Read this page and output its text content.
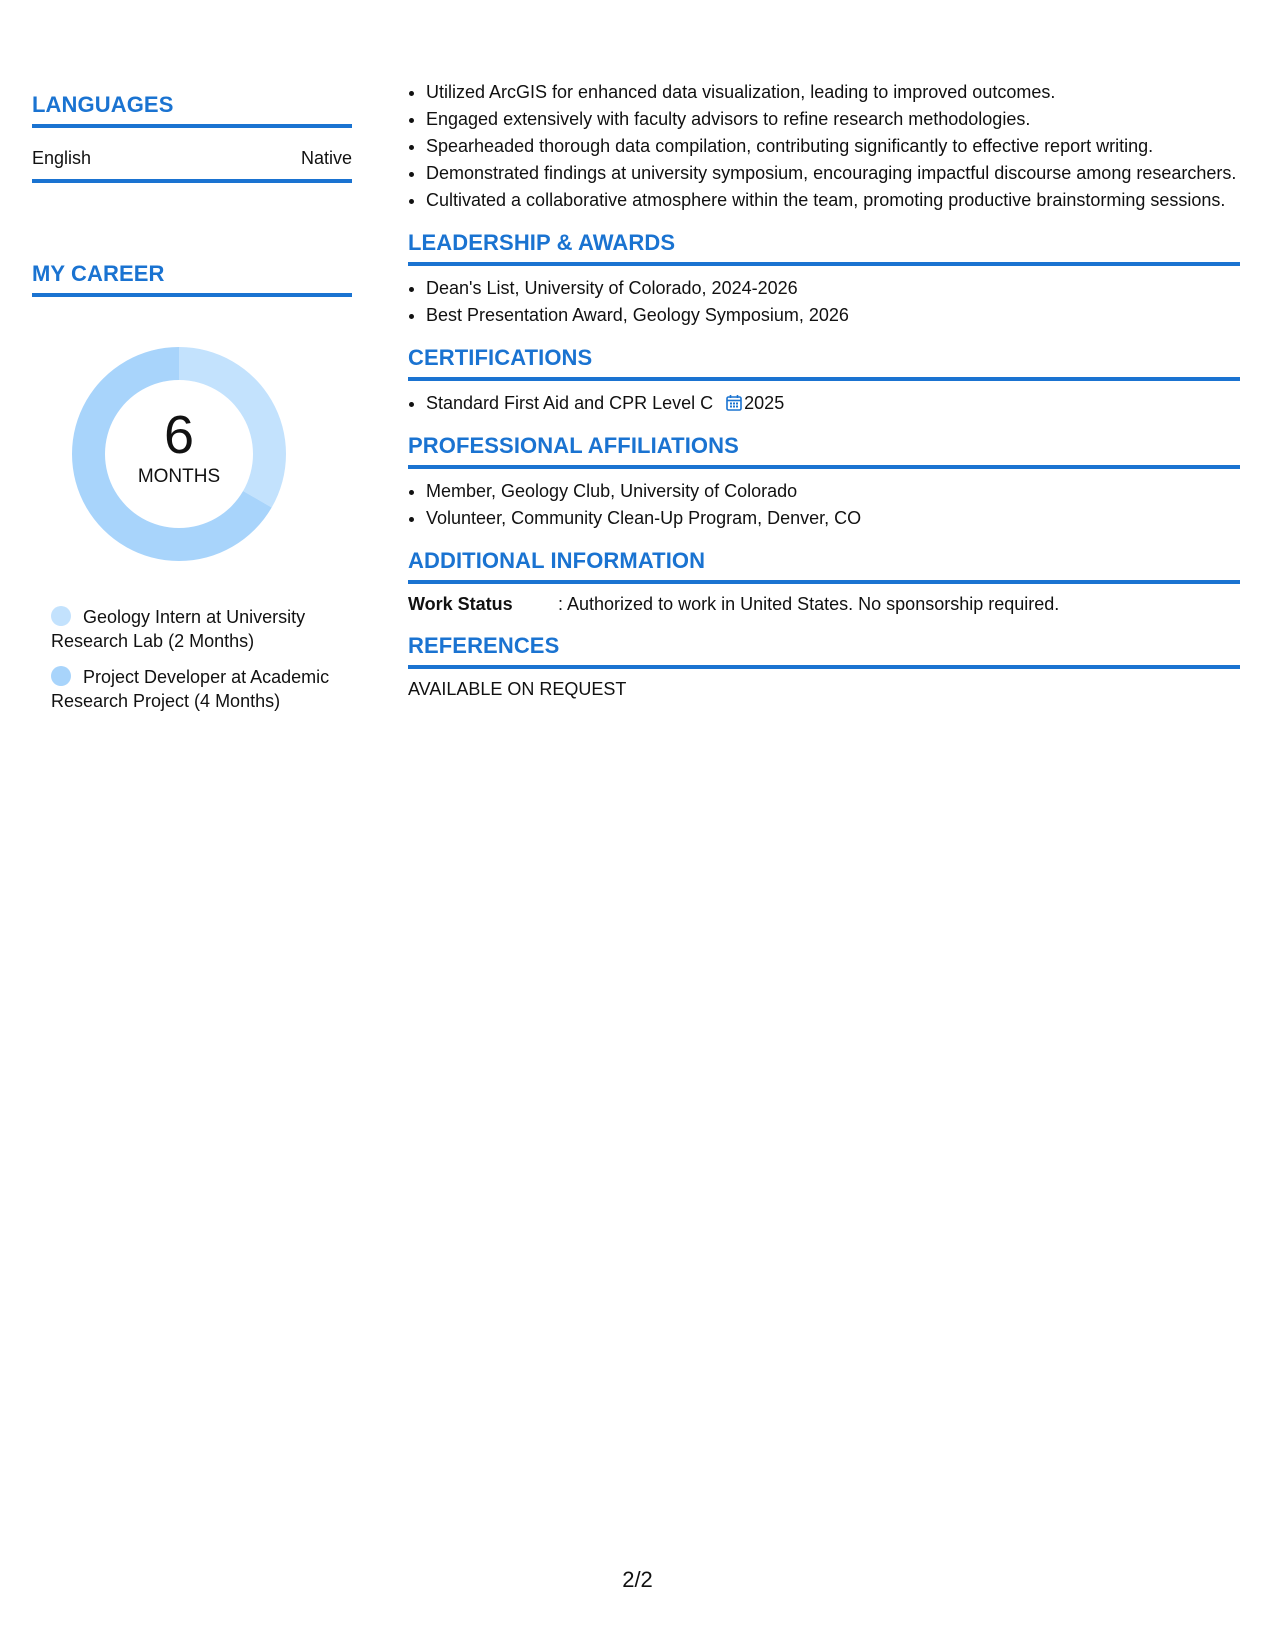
LANGUAGES
English	Native
MY CAREER
6
MONTHS
Geology Intern at University Research Lab (2 Months)
Project Developer at Academic Research Project (4 Months)
• Utilized ArcGIS for enhanced data visualization, leading to improved outcomes.
• Engaged extensively with faculty advisors to refine research methodologies.
• Spearheaded thorough data compilation, contributing significantly to effective report writing.
• Demonstrated findings at university symposium, encouraging impactful discourse among researchers.
• Cultivated a collaborative atmosphere within the team, promoting productive brainstorming sessions.
LEADERSHIP & AWARDS
• Dean's List, University of Colorado, 2024-2026
• Best Presentation Award, Geology Symposium, 2026
CERTIFICATIONS
• Standard First Aid and CPR Level C 2025
PROFESSIONAL AFFILIATIONS
• Member, Geology Club, University of Colorado
• Volunteer, Community Clean-Up Program, Denver, CO
ADDITIONAL INFORMATION
Work Status	: Authorized to work in United States. No sponsorship required.
REFERENCES
AVAILABLE ON REQUEST
2/2
